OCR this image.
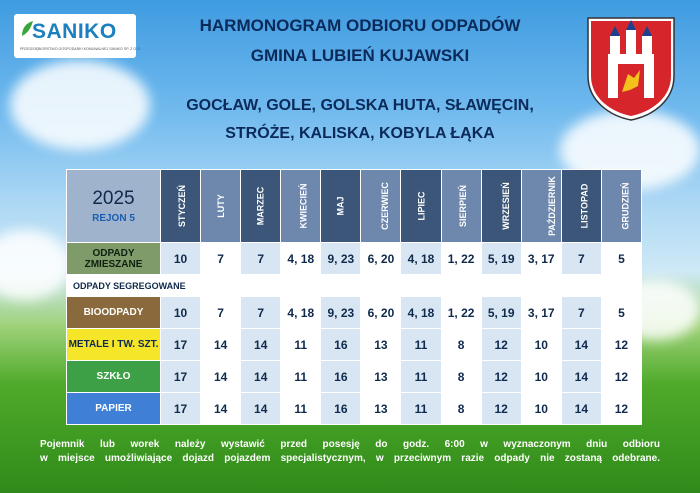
SANIKO
PRZEDSIĘBIORSTWO GOSPODARKI KOMUNALNEJ SANIKO SP. Z O.O.
HARMONOGRAM ODBIORU ODPADÓW
GMINA LUBIEŃ KUJAWSKI
GOCŁAW, GOLE, GOLSKA HUTA, SŁAWĘCIN,
STRÓŻE, KALISKA, KOBYLA ŁĄKA
2025
REJON 5	STYCZEŃ	LUTY	MARZEC	KWIECIEŃ	MAJ	CZERWIEC	LIPIEC	SIERPIEŃ	WRZESIEŃ	PAŹDZIERNIK	LISTOPAD	GRUDZIEŃ
ODPADY ZMIESZANE	10	7	7	4, 18	9, 23	6, 20	4, 18	1, 22	5, 19	3, 17	7	5
ODPADY SEGREGOWANE												
BIOODPADY	10	7	7	4, 18	9, 23	6, 20	4, 18	1, 22	5, 19	3, 17	7	5
METALE I TW. SZT.	17	14	14	11	16	13	11	8	12	10	14	12
SZKŁO	17	14	14	11	16	13	11	8	12	10	14	12
PAPIER	17	14	14	11	16	13	11	8	12	10	14	12
Pojemnik lub worek należy wystawić przed posesję do godz. 6:00 w wyznaczonym dniu odbioru
w miejsce umożliwiające dojazd pojazdem specjalistycznym, w przeciwnym razie odpady nie zostaną odebrane.
